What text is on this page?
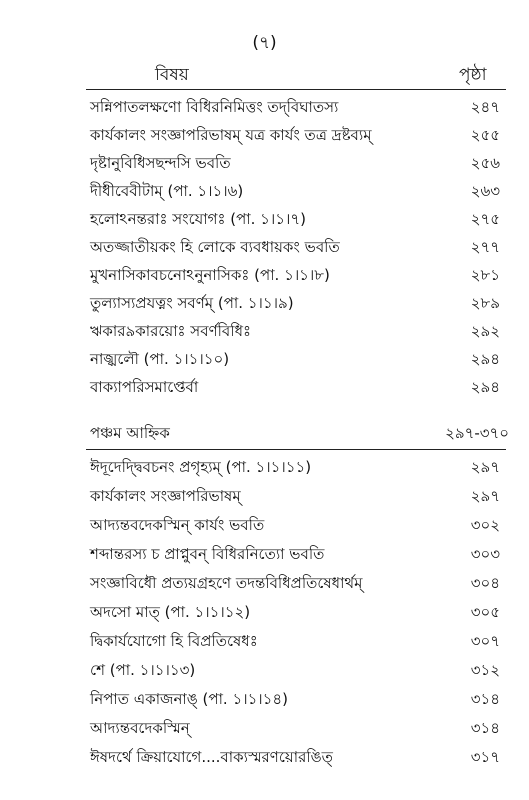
(৭)
বিষয়	পৃষ্ঠা
সন্নিপাতলক্ষণো বিধিরনিমিত্তং তদ্‌বিঘাতস্য	২৪৭
কার্যকালং সংজ্ঞাপরিভাষম্ যত্র কার্যং তত্র দ্রষ্টব্যম্	২৫৫
দৃষ্টানুবিধিসছন্দসি ভবতি	২৫৬
দীধীবেবীটাম্ (পা. ১।১।৬)	২৬৩
হলোঽনন্তরাঃ সংযোগঃ (পা. ১।১।৭)	২৭৫
অতজ্জাতীয়কং হি লোকে ব্যবধায়কং ভবতি	২৭৭
মুখনাসিকাবচনোঽনুনাসিকঃ (পা. ১।১।৮)	২৮১
তুল্যাস্যপ্রযত্নং সবর্ণম্ (পা. ১।১।৯)	২৮৯
ঋকার৯কারয়োঃ সবর্ণবিধিঃ	২৯২
নাজ্ঝলৌ (পা. ১।১।১০)	২৯৪
বাক্যাপরিসমাপ্তের্বা	২৯৪
পঞ্চম আহ্নিক	২৯৭-৩৭০
ঈদূদেদ্দ্বিবচনং প্রগৃহ্যম্ (পা. ১।১।১১)	২৯৭
কার্যকালং সংজ্ঞাপরিভাষম্	২৯৭
আদ্যন্তবদেকস্মিন্ কার্যং ভবতি	৩০২
শব্দান্তরস্য চ প্রাপ্নুবন্ বিধিরনিত্যো ভবতি	৩০৩
সংজ্ঞাবিধৌ প্রত্যয়গ্রহণে তদন্তবিধিপ্রতিষেধার্থম্	৩০৪
অদসো মাত্ (পা. ১।১।১২)	৩০৫
দ্বিকার্যযোগো হি বিপ্রতিষেধঃ	৩০৭
শে (পা. ১।১।১৩)	৩১২
নিপাত একাজনাঙ্ (পা. ১।১।১৪)	৩১৪
আদ্যন্তবদেকস্মিন্	৩১৪
ঈষদর্থে ক্রিয়াযোগে....বাক্যস্মরণয়োরঙিত্	৩১৭
